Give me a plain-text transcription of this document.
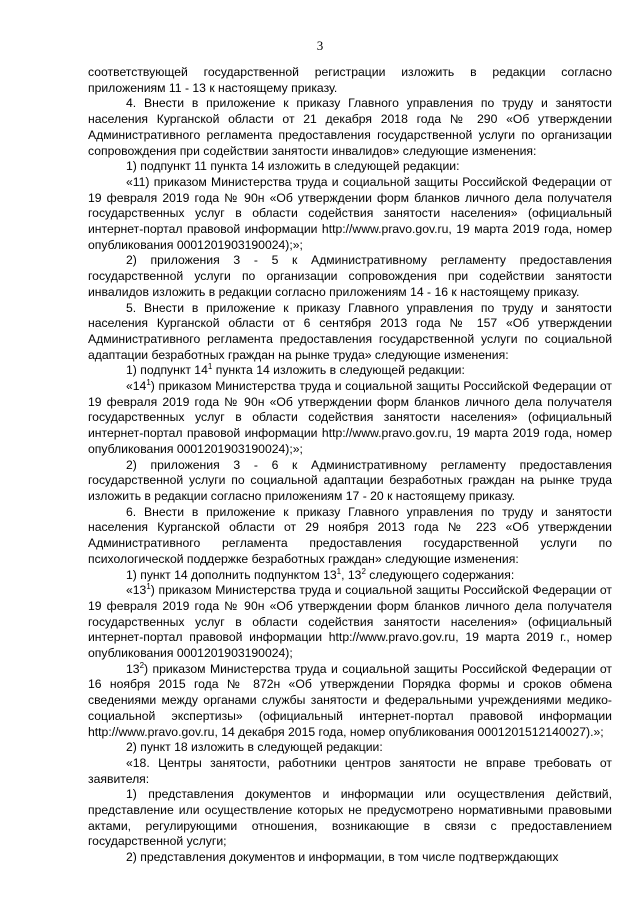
3

соответствующей государственной регистрации изложить в редакции согласно приложениям 11 - 13 к настоящему приказу.

4. Внести в приложение к приказу Главного управления по труду и занятости населения Курганской области от 21 декабря 2018 года № 290 «Об утверждении Административного регламента предоставления государственной услуги по организации сопровождения при содействии занятости инвалидов» следующие изменения:

1) подпункт 11 пункта 14 изложить в следующей редакции:

«11) приказом Министерства труда и социальной защиты Российской Федерации от 19 февраля 2019 года № 90н «Об утверждении форм бланков личного дела получателя государственных услуг в области содействия занятости населения» (официальный интернет-портал правовой информации http://www.pravo.gov.ru, 19 марта 2019 года, номер опубликования 0001201903190024);»;

2) приложения 3 - 5 к Административному регламенту предоставления государственной услуги по организации сопровождения при содействии занятости инвалидов изложить в редакции согласно приложениям 14 - 16 к настоящему приказу.

5. Внести в приложение к приказу Главного управления по труду и занятости населения Курганской области от 6 сентября 2013 года № 157 «Об утверждении Административного регламента предоставления государственной услуги по социальной адаптации безработных граждан на рынке труда» следующие изменения:

1) подпункт $14^1$ пункта 14 изложить в следующей редакции:

«$14^1$) приказом Министерства труда и социальной защиты Российской Федерации от 19 февраля 2019 года № 90н «Об утверждении форм бланков личного дела получателя государственных услуг в области содействия занятости населения» (официальный интернет-портал правовой информации http://www.pravo.gov.ru, 19 марта 2019 года, номер опубликования 0001201903190024);»;

2) приложения 3 - 6 к Административному регламенту предоставления государственной услуги по социальной адаптации безработных граждан на рынке труда изложить в редакции согласно приложениям 17 - 20 к настоящему приказу.

6. Внести в приложение к приказу Главного управления по труду и занятости населения Курганской области от 29 ноября 2013 года № 223 «Об утверждении Административного регламента предоставления государственной услуги по психологической поддержке безработных граждан» следующие изменения:

1) пункт 14 дополнить подпунктом $13^1$, $13^2$ следующего содержания:

«$13^1$) приказом Министерства труда и социальной защиты Российской Федерации от 19 февраля 2019 года № 90н «Об утверждении форм бланков личного дела получателя государственных услуг в области содействия занятости населения» (официальный интернет-портал правовой информации http://www.pravo.gov.ru, 19 марта 2019 г., номер опубликования 0001201903190024);

$13^2$) приказом Министерства труда и социальной защиты Российской Федерации от 16 ноября 2015 года № 872н «Об утверждении Порядка формы и сроков обмена сведениями между органами службы занятости и федеральными учреждениями медико-социальной экспертизы» (официальный интернет-портал правовой информации http://www.pravo.gov.ru, 14 декабря 2015 года, номер опубликования 0001201512140027).»;

2) пункт 18 изложить в следующей редакции:

«18. Центры занятости, работники центров занятости не вправе требовать от заявителя:

1) представления документов и информации или осуществления действий, представление или осуществление которых не предусмотрено нормативными правовыми актами, регулирующими отношения, возникающие в связи с предоставлением государственной услуги;

2) представления документов и информации, в том числе подтверждающих
